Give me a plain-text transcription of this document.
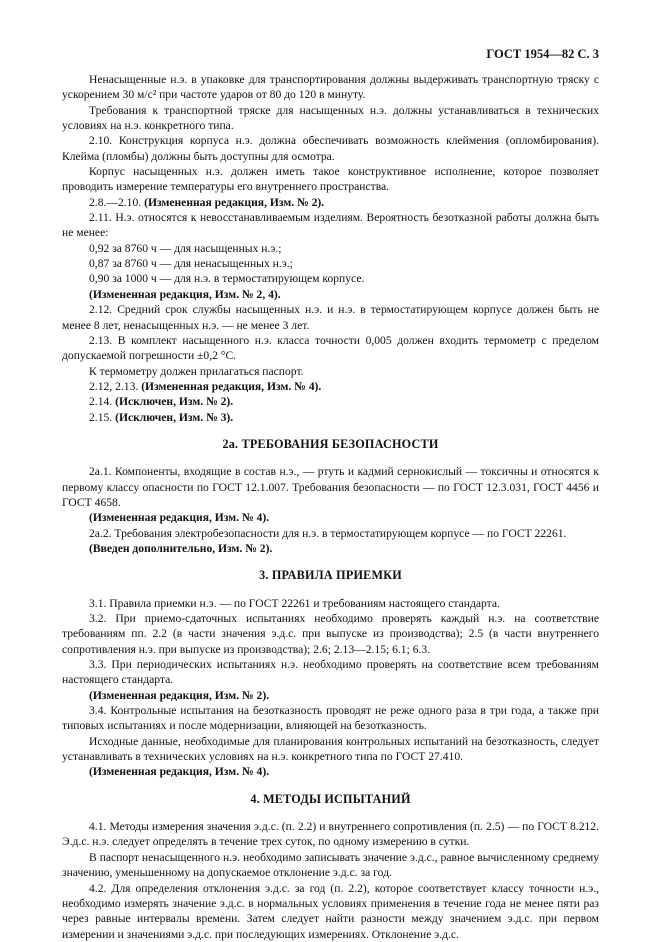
ГОСТ 1954—82 С. 3

Ненасыщенные н.э. в упаковке для транспортирования должны выдерживать транспортную тряску с ускорением 30 м/с² при частоте ударов от 80 до 120 в минуту.

Требования к транспортной тряске для насыщенных н.э. должны устанавливаться в технических условиях на н.э. конкретного типа.

2.10. Конструкция корпуса н.э. должна обеспечивать возможность клеймения (опломбирования). Клейма (пломбы) должны быть доступны для осмотра.

Корпус насыщенных н.э. должен иметь такое конструктивное исполнение, которое позволяет проводить измерение температуры его внутреннего пространства.

2.8.—2.10. (Измененная редакция, Изм. № 2).

2.11. Н.э. относятся к невосстанавливаемым изделиям. Вероятность безотказной работы должна быть не менее:

0,92 за 8760 ч — для насыщенных н.э.;

0,87 за 8760 ч — для ненасыщенных н.э.;

0,90 за 1000 ч — для н.э. в термостатирующем корпусе.

(Измененная редакция, Изм. № 2, 4).

2.12. Средний срок службы насыщенных н.э. и н.э. в термостатирующем корпусе должен быть не менее 8 лет, ненасыщенных н.э. — не менее 3 лет.

2.13. В комплект насыщенного н.э. класса точности 0,005 должен входить термометр с пределом допускаемой погрешности ±0,2 °С.

К термометру должен прилагаться паспорт.

2.12, 2.13. (Измененная редакция, Изм. № 4).

2.14. (Исключен, Изм. № 2).

2.15. (Исключен, Изм. № 3).

2а. ТРЕБОВАНИЯ БЕЗОПАСНОСТИ

2а.1. Компоненты, входящие в состав н.э., — ртуть и кадмий сернокислый — токсичны и относятся к первому классу опасности по ГОСТ 12.1.007. Требования безопасности — по ГОСТ 12.3.031, ГОСТ 4456 и ГОСТ 4658.

(Измененная редакция, Изм. № 4).

2а.2. Требования электробезопасности для н.э. в термостатирующем корпусе — по ГОСТ 22261.

(Введен дополнительно, Изм. № 2).

3. ПРАВИЛА ПРИЕМКИ

3.1. Правила приемки н.э. — по ГОСТ 22261 и требованиям настоящего стандарта.

3.2. При приемо-сдаточных испытаниях необходимо проверять каждый н.э. на соответствие требованиям пп. 2.2 (в части значения э.д.с. при выпуске из производства); 2.5 (в части внутреннего сопротивления н.э. при выпуске из производства); 2.6; 2.13—2.15; 6.1; 6.3.

3.3. При периодических испытаниях н.э. необходимо проверять на соответствие всем требованиям настоящего стандарта.

(Измененная редакция, Изм. № 2).

3.4. Контрольные испытания на безотказность проводят не реже одного раза в три года, а также при типовых испытаниях и после модернизации, влияющей на безотказность.

Исходные данные, необходимые для планирования контрольных испытаний на безотказность, следует устанавливать в технических условиях на н.э. конкретного типа по ГОСТ 27.410.

(Измененная редакция, Изм. № 4).

4. МЕТОДЫ ИСПЫТАНИЙ

4.1. Методы измерения значения э.д.с. (п. 2.2) и внутреннего сопротивления (п. 2.5) — по ГОСТ 8.212. Э.д.с. н.э. следует определять в течение трех суток, по одному измерению в сутки.

В паспорт ненасыщенного н.э. необходимо записывать значение э.д.с., равное вычисленному среднему значению, уменьшенному на допускаемое отклонение э.д.с. за год.

4.2. Для определения отклонения э.д.с. за год (п. 2.2), которое соответствует классу точности н.э., необходимо измерять значение э.д.с. в нормальных условиях применения в течение года не менее пяти раз через равные интервалы времени. Затем следует найти разности между значением э.д.с. при первом измерении и значениями э.д.с. при последующих измерениях. Отклонение э.д.с.
